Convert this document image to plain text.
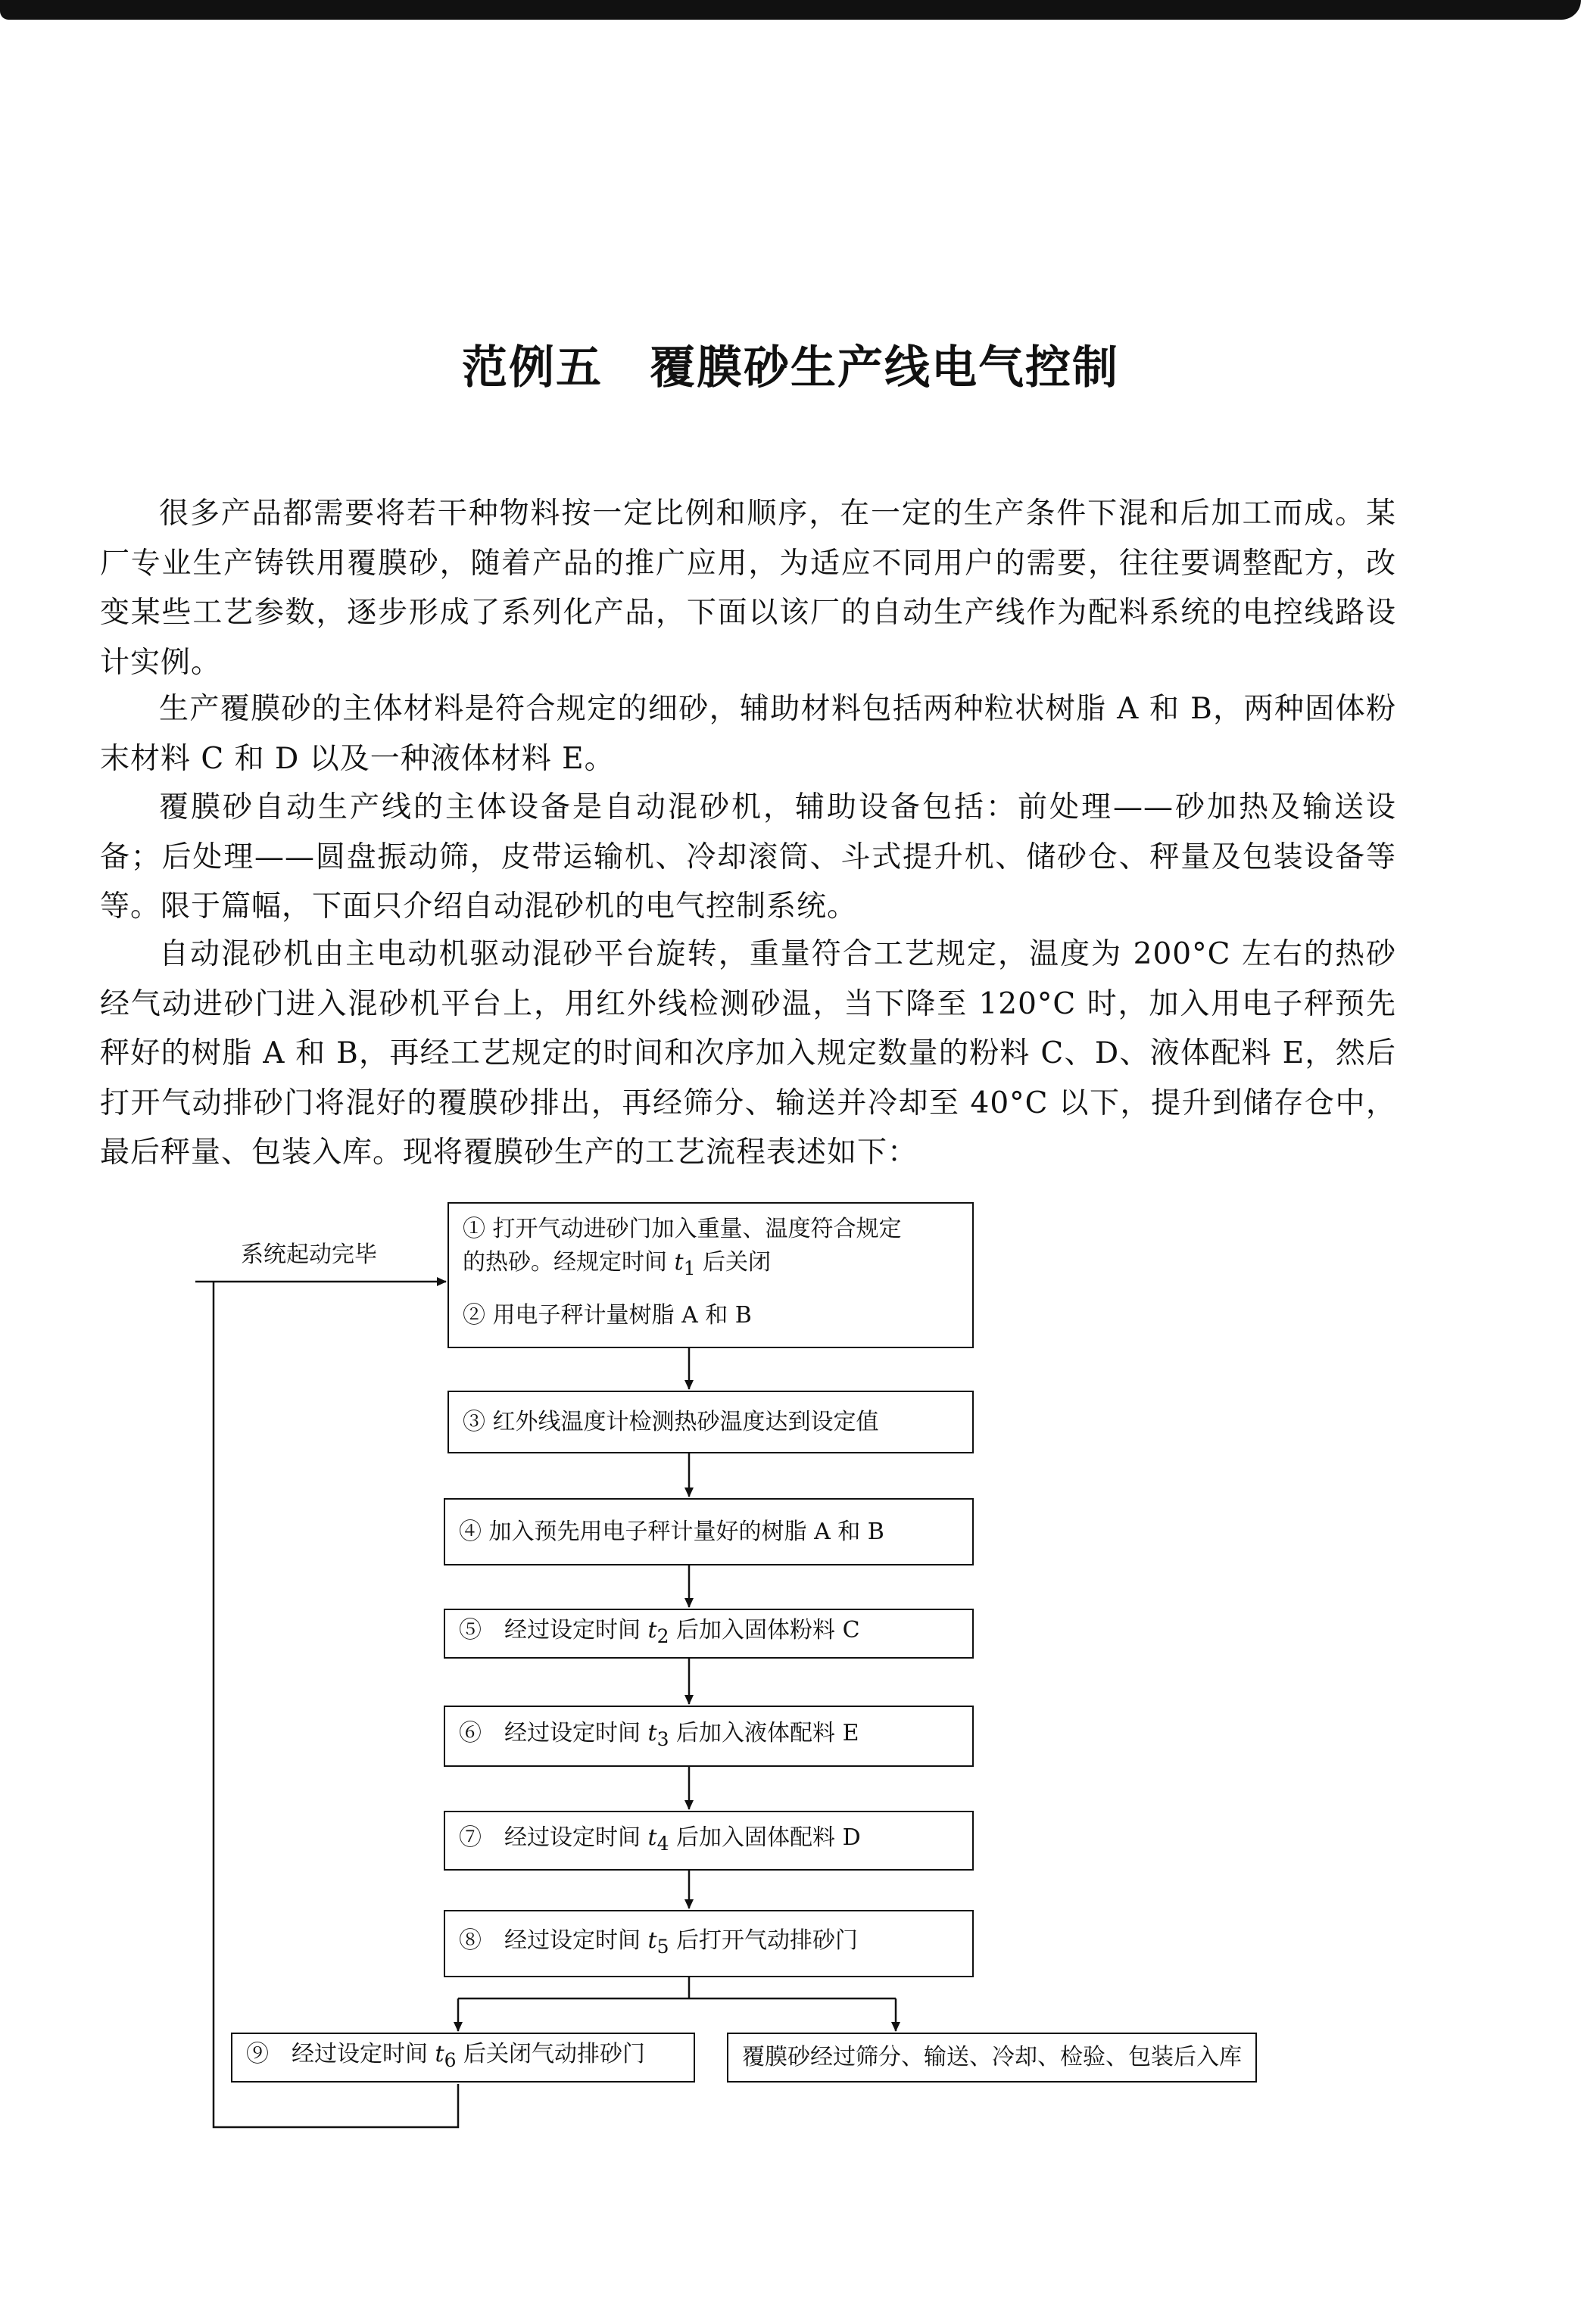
范例五　覆膜砂生产线电气控制

很多产品都需要将若干种物料按一定比例和顺序，在一定的生产条件下混和后加工而成。某厂专业生产铸铁用覆膜砂，随着产品的推广应用，为适应不同用户的需要，往往要调整配方，改变某些工艺参数，逐步形成了系列化产品，下面以该厂的自动生产线作为配料系统的电控线路设计实例。

生产覆膜砂的主体材料是符合规定的细砂，辅助材料包括两种粒状树脂 A 和 B，两种固体粉末材料 C 和 D 以及一种液体材料 E。

覆膜砂自动生产线的主体设备是自动混砂机，辅助设备包括：前处理——砂加热及输送设备；后处理——圆盘振动筛，皮带运输机、冷却滚筒、斗式提升机、储砂仓、秤量及包装设备等等。限于篇幅，下面只介绍自动混砂机的电气控制系统。

自动混砂机由主电动机驱动混砂平台旋转，重量符合工艺规定，温度为 200°C 左右的热砂经气动进砂门进入混砂机平台上，用红外线检测砂温，当下降至 120°C 时，加入用电子秤预先秤好的树脂 A 和 B，再经工艺规定的时间和次序加入规定数量的粉料 C、D、液体配料 E，然后打开气动排砂门将混好的覆膜砂排出，再经筛分、输送并冷却至 40°C 以下，提升到储存仓中，最后秤量、包装入库。现将覆膜砂生产的工艺流程表述如下：

系统起动完毕
① 打开气动进砂门加入重量、温度符合规定
的热砂。经规定时间 $t_1$ 后关闭
② 用电子秤计量树脂 A 和 B
③ 红外线温度计检测热砂温度达到设定值
④ 加入预先用电子秤计量好的树脂 A 和 B
⑤　经过设定时间 $t_2$ 后加入固体粉料 C
⑥　经过设定时间 $t_3$ 后加入液体配料 E
⑦　经过设定时间 $t_4$ 后加入固体配料 D
⑧　经过设定时间 $t_5$ 后打开气动排砂门
⑨　经过设定时间 $t_6$ 后关闭气动排砂门	覆膜砂经过筛分、输送、冷却、检验、包装后入库
